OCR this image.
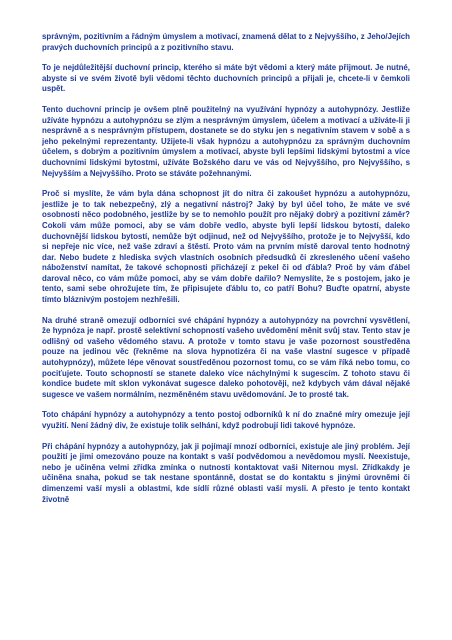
správným, pozitivním a řádným úmyslem a motivací, znamená dělat to z Nejvyššího, z Jeho/Jejích pravých duchovních principů a z pozitivního stavu.

To je nejdůležitější duchovní princip, kterého si máte být vědomi a který máte přijmout. Je nutné, abyste si ve svém životě byli vědomi těchto duchovních principů a přijali je, chcete-li v čemkoli uspět.

Tento duchovní princip je ovšem plně použitelný na využívání hypnózy a autohypnózy. Jestliže užíváte hypnózu a autohypnózu se zlým a nesprávným úmyslem, účelem a motivací a užíváte-li ji nesprávně a s nesprávným přístupem, dostanete se do styku jen s negativním stavem v sobě a s jeho pekelnými reprezentanty. Užijete-li však hypnózu a autohypnózu za správným duchovním účelem, s dobrým a pozitivním úmyslem a motivací, abyste byli lepšími lidskými bytostmi a více duchovními lidskými bytostmi, užíváte Božského daru ve vás od Nejvyššího, pro Nejvyššího, s Nejvyšším a Nejvyššího. Proto se stáváte požehnanými.

Proč si myslíte, že vám byla dána schopnost jít do nitra či zakoušet hypnózu a autohypnózu, jestliže je to tak nebezpečný, zlý a negativní nástroj? Jaký by byl účel toho, že máte ve své osobnosti něco podobného, jestliže by se to nemohlo použít pro nějaký dobrý a pozitivní záměr? Cokoli vám může pomoci, aby se vám dobře vedlo, abyste byli lepší lidskou bytostí, daleko duchovnější lidskou bytostí, nemůže být odjinud, než od Nejvyššího, protože je to Nejvyšší, kdo si nepřeje nic více, než vaše zdraví a štěstí. Proto vám na prvním místě daroval tento hodnotný dar. Nebo budete z hlediska svých vlastních osobních předsudků či zkresleného učení vašeho náboženství namítat, že takové schopnosti přicházejí z pekel či od ďábla? Proč by vám ďábel daroval něco, co vám může pomoci, aby se vám dobře dařilo? Nemyslíte, že s postojem, jako je tento, sami sebe ohrožujete tím, že připisujete ďáblu to, co patří Bohu? Buďte opatrní, abyste tímto bláznivým postojem nezhřešili.

Na druhé straně omezují odborníci své chápání hypnózy a autohypnózy na povrchní vysvětlení, že hypnóza je např. prostě selektivní schopností vašeho uvědomění měnit svůj stav. Tento stav je odlišný od vašeho vědomého stavu. A protože v tomto stavu je vaše pozornost soustředěna pouze na jedinou věc (řekněme na slova hypnotizéra či na vaše vlastní sugesce v případě autohypnózy), můžete lépe věnovat soustředěnou pozornost tomu, co se vám říká nebo tomu, co pociťujete. Touto schopností se stanete daleko více náchylnými k sugescím. Z tohoto stavu či kondice budete mít sklon vykonávat sugesce daleko pohotověji, než kdybych vám dával nějaké sugesce ve vašem normálním, nezměněném stavu uvědomování. Je to prosté tak.

Toto chápání hypnózy a autohypnózy a tento postoj odborníků k ní do značné míry omezuje její využití. Není žádný div, že existuje tolik selhání, když podrobují lidi takové hypnóze.

Při chápání hypnózy a autohypnózy, jak ji pojímají mnozí odborníci, existuje ale jiný problém. Její použití je jimi omezováno pouze na kontakt s vaší podvědomou a nevědomou myslí. Neexistuje, nebo je učiněna velmi zřídka zmínka o nutnosti kontaktovat vaši Niternou mysl. Zřídkakdy je učiněna snaha, pokud se tak nestane spontánně, dostat se do kontaktu s jinými úrovněmi či dimenzemi vaší mysli a oblastmi, kde sídlí různé oblasti vaší mysli. A přesto je tento kontakt životně
